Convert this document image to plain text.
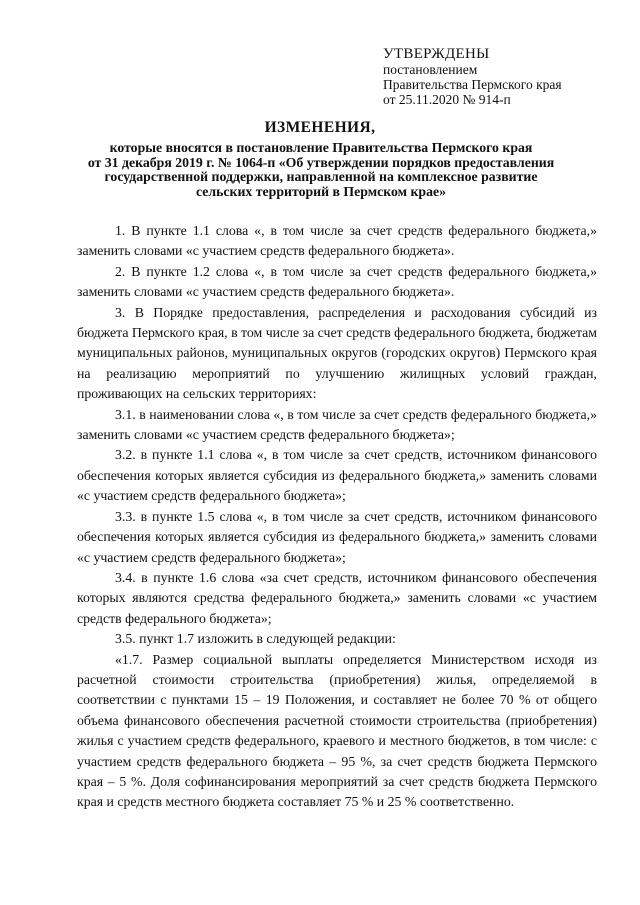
УТВЕРЖДЕНЫ
постановлением
Правительства Пермского края
от 25.11.2020 № 914-п
ИЗМЕНЕНИЯ,
которые вносятся в постановление Правительства Пермского края
от 31 декабря 2019 г. № 1064-п «Об утверждении порядков предоставления
государственной поддержки, направленной на комплексное развитие
сельских территорий в Пермском крае»

1. В пункте 1.1 слова «, в том числе за счет средств федерального бюджета,» заменить словами «с участием средств федерального бюджета».

2. В пункте 1.2 слова «, в том числе за счет средств федерального бюджета,» заменить словами «с участием средств федерального бюджета».

3. В Порядке предоставления, распределения и расходования субсидий из бюджета Пермского края, в том числе за счет средств федерального бюджета, бюджетам муниципальных районов, муниципальных округов (городских округов) Пермского края на реализацию мероприятий по улучшению жилищных условий граждан, проживающих на сельских территориях:

3.1. в наименовании слова «, в том числе за счет средств федерального бюджета,» заменить словами «с участием средств федерального бюджета»;

3.2. в пункте 1.1 слова «, в том числе за счет средств, источником финансового обеспечения которых является субсидия из федерального бюджета,» заменить словами «с участием средств федерального бюджета»;

3.3. в пункте 1.5 слова «, в том числе за счет средств, источником финансового обеспечения которых является субсидия из федерального бюджета,» заменить словами «с участием средств федерального бюджета»;

3.4. в пункте 1.6 слова «за счет средств, источником финансового обеспечения которых являются средства федерального бюджета,» заменить словами «с участием средств федерального бюджета»;

3.5. пункт 1.7 изложить в следующей редакции:

«1.7. Размер социальной выплаты определяется Министерством исходя из расчетной стоимости строительства (приобретения) жилья, определяемой в соответствии с пунктами 15 – 19 Положения, и составляет не более 70 % от общего объема финансового обеспечения расчетной стоимости строительства (приобретения) жилья с участием средств федерального, краевого и местного бюджетов, в том числе: с участием средств федерального бюджета – 95 %, за счет средств бюджета Пермского края – 5 %. Доля софинансирования мероприятий за счет средств бюджета Пермского края и средств местного бюджета составляет 75 % и 25 % соответственно.
